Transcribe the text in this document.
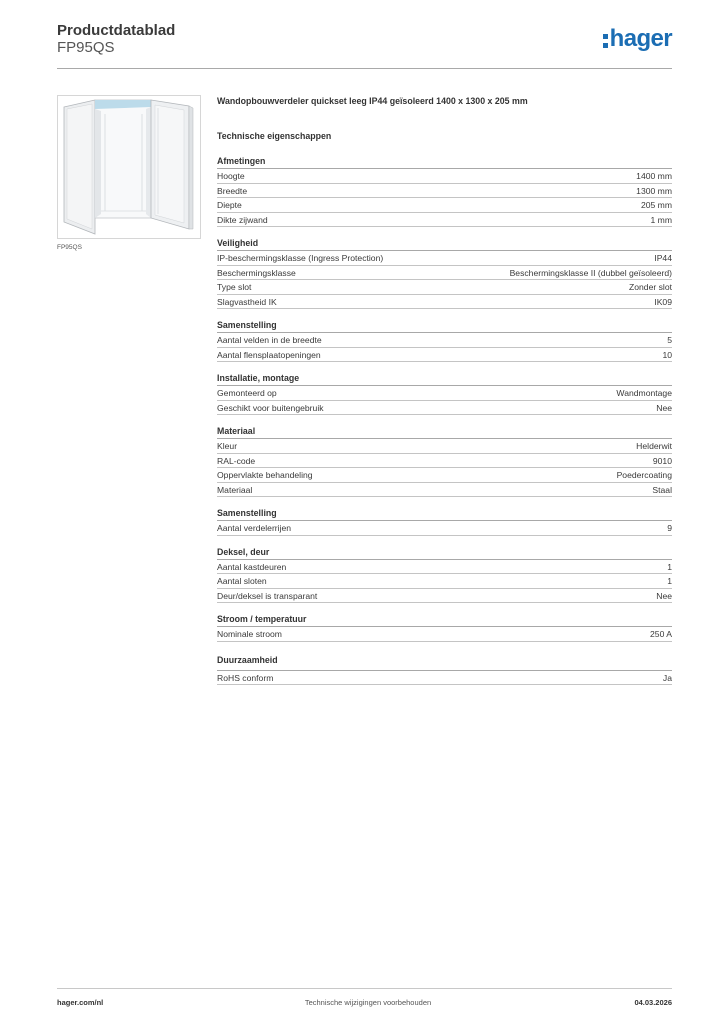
Productdatablad
FP95QS	hager
FP95QS
Wandopbouwverdeler quickset leeg IP44 geïsoleerd 1400 x 1300 x 205 mm
Technische eigenschappen
Afmetingen
Hoogte	1400 mm
Breedte	1300 mm
Diepte	205 mm
Dikte zijwand	1 mm
Veiligheid
IP-beschermingsklasse (Ingress Protection)	IP44
Beschermingsklasse	Beschermingsklasse II (dubbel geïsoleerd)
Type slot	Zonder slot
Slagvastheid IK	IK09
Samenstelling
Aantal velden in de breedte	5
Aantal flensplaatopeningen	10
Installatie, montage
Gemonteerd op	Wandmontage
Geschikt voor buitengebruik	Nee
Materiaal
Kleur	Helderwit
RAL-code	9010
Oppervlakte behandeling	Poedercoating
Materiaal	Staal
Samenstelling
Aantal verdelerrijen	9
Deksel, deur
Aantal kastdeuren	1
Aantal sloten	1
Deur/deksel is transparant	Nee
Stroom / temperatuur
Nominale stroom	250 A
Duurzaamheid
RoHS conform	Ja
hager.com/nl	Technische wijzigingen voorbehouden	04.03.2026
